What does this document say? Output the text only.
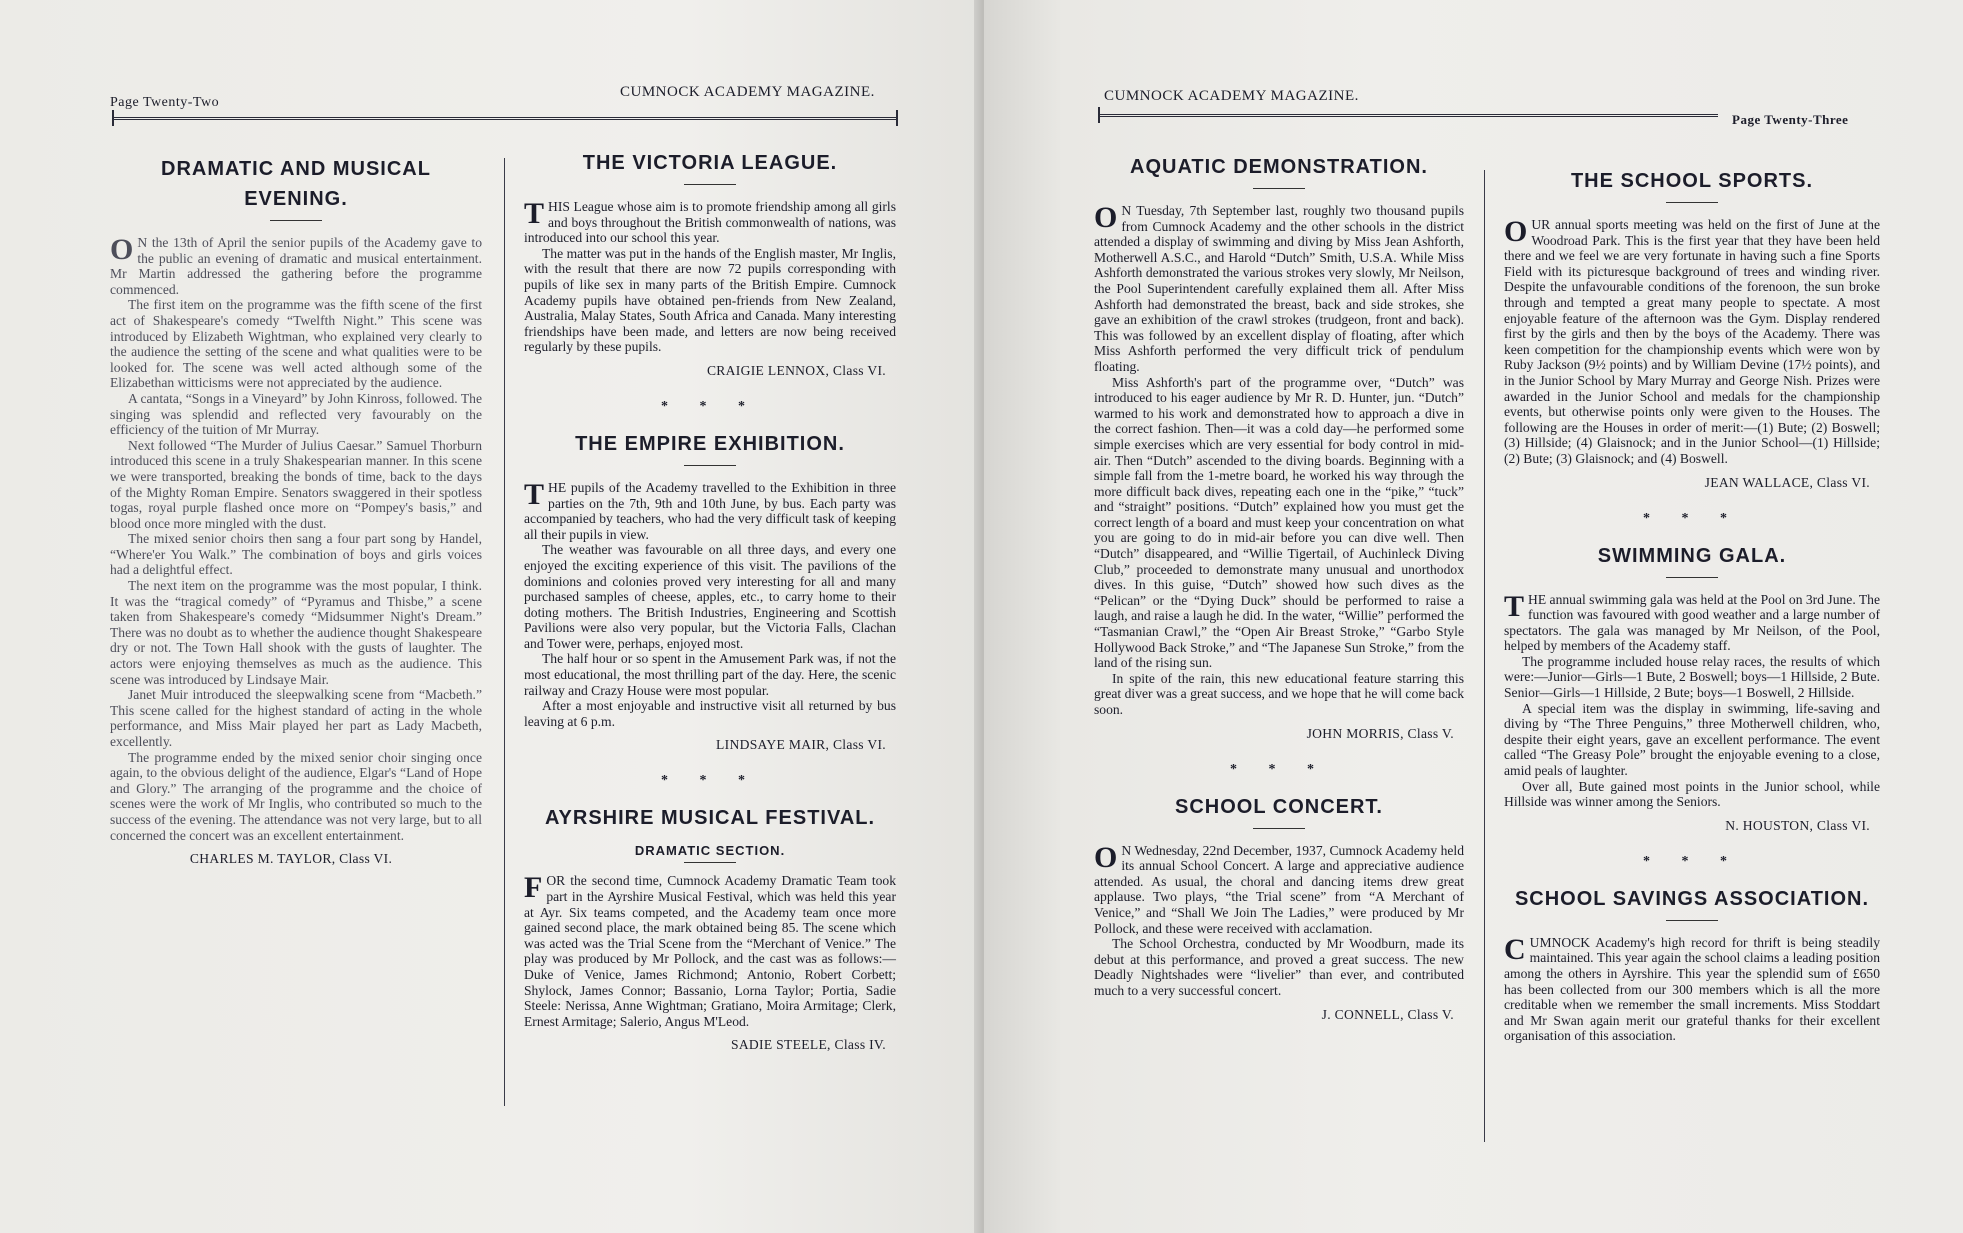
Page Twenty-Two
CUMNOCK ACADEMY MAGAZINE.
DRAMATIC AND MUSICAL EVENING.

O N the 13th of April the senior pupils of the Academy gave to the public an evening of dramatic and musical entertainment. Mr Martin addressed the gathering before the programme commenced.

The first item on the programme was the fifth scene of the first act of Shakespeare's comedy “Twelfth Night.” This scene was introduced by Elizabeth Wightman, who explained very clearly to the audience the setting of the scene and what qualities were to be looked for. The scene was well acted although some of the Elizabethan witticisms were not appreciated by the audience.

A cantata, “Songs in a Vineyard” by John Kinross, followed. The singing was splendid and reflected very favourably on the efficiency of the tuition of Mr Murray.

Next followed “The Murder of Julius Caesar.” Samuel Thorburn introduced this scene in a truly Shakespearian manner. In this scene we were transported, breaking the bonds of time, back to the days of the Mighty Roman Empire. Senators swaggered in their spotless togas, royal purple flashed once more on “Pompey's basis,” and blood once more mingled with the dust.

The mixed senior choirs then sang a four part song by Handel, “Where'er You Walk.” The combination of boys and girls voices had a delightful effect.

The next item on the programme was the most popular, I think. It was the “tragical comedy” of “Pyramus and Thisbe,” a scene taken from Shakespeare's comedy “Midsummer Night's Dream.” There was no doubt as to whether the audience thought Shakespeare dry or not. The Town Hall shook with the gusts of laughter. The actors were enjoying themselves as much as the audience. This scene was introduced by Lindsaye Mair.

Janet Muir introduced the sleepwalking scene from “Macbeth.” This scene called for the highest standard of acting in the whole performance, and Miss Mair played her part as Lady Macbeth, excellently.

The programme ended by the mixed senior choir singing once again, to the obvious delight of the audience, Elgar's “Land of Hope and Glory.” The arranging of the programme and the choice of scenes were the work of Mr Inglis, who contributed so much to the success of the evening. The attendance was not very large, but to all concerned the concert was an excellent entertainment.

CHARLES M. TAYLOR, Class VI.
THE VICTORIA LEAGUE.

THIS League whose aim is to promote friendship among all girls and boys throughout the British commonwealth of nations, was introduced into our school this year.

The matter was put in the hands of the English master, Mr Inglis, with the result that there are now 72 pupils corresponding with pupils of like sex in many parts of the British Empire. Cumnock Academy pupils have obtained pen-friends from New Zealand, Australia, Malay States, South Africa and Canada. Many interesting friendships have been made, and letters are now being received regularly by these pupils.

CRAIGIE LENNOX, Class VI.
* * *
THE EMPIRE EXHIBITION.

THE pupils of the Academy travelled to the Exhibition in three parties on the 7th, 9th and 10th June, by bus. Each party was accompanied by teachers, who had the very difficult task of keeping all their pupils in view.

The weather was favourable on all three days, and every one enjoyed the exciting experience of this visit. The pavilions of the dominions and colonies proved very interesting for all and many purchased samples of cheese, apples, etc., to carry home to their doting mothers. The British Industries, Engineering and Scottish Pavilions were also very popular, but the Victoria Falls, Clachan and Tower were, perhaps, enjoyed most.

The half hour or so spent in the Amusement Park was, if not the most educational, the most thrilling part of the day. Here, the scenic railway and Crazy House were most popular.

After a most enjoyable and instructive visit all returned by bus leaving at 6 p.m.

LINDSAYE MAIR, Class VI.
* * *
AYRSHIRE MUSICAL FESTIVAL.
DRAMATIC SECTION.

FOR the second time, Cumnock Academy Dramatic Team took part in the Ayrshire Musical Festival, which was held this year at Ayr. Six teams competed, and the Academy team once more gained second place, the mark obtained being 85. The scene which was acted was the Trial Scene from the “Merchant of Venice.” The play was produced by Mr Pollock, and the cast was as follows:—Duke of Venice, James Richmond; Antonio, Robert Corbett; Shylock, James Connor; Bassanio, Lorna Taylor; Portia, Sadie Steele: Nerissa, Anne Wightman; Gratiano, Moira Armitage; Clerk, Ernest Armitage; Salerio, Angus M'Leod.

SADIE STEELE, Class IV.
CUMNOCK ACADEMY MAGAZINE.
Page Twenty-Three
AQUATIC DEMONSTRATION.

O N Tuesday, 7th September last, roughly two thousand pupils from Cumnock Academy and the other schools in the district attended a display of swimming and diving by Miss Jean Ashforth, Motherwell A.S.C., and Harold “Dutch” Smith, U.S.A. While Miss Ashforth demonstrated the various strokes very slowly, Mr Neilson, the Pool Superintendent carefully explained them all. After Miss Ashforth had demonstrated the breast, back and side strokes, she gave an exhibition of the crawl strokes (trudgeon, front and back). This was followed by an excellent display of floating, after which Miss Ashforth performed the very difficult trick of pendulum floating.

Miss Ashforth's part of the programme over, “Dutch” was introduced to his eager audience by Mr R. D. Hunter, jun. “Dutch” warmed to his work and demonstrated how to approach a dive in the correct fashion. Then—it was a cold day—he performed some simple exercises which are very essential for body control in mid-air. Then “Dutch” ascended to the diving boards. Beginning with a simple fall from the 1-metre board, he worked his way through the more difficult back dives, repeating each one in the “pike,” “tuck” and “straight” positions. “Dutch” explained how you must get the correct length of a board and must keep your concentration on what you are going to do in mid-air before you can dive well. Then “Dutch” disappeared, and “Willie Tigertail, of Auchinleck Diving Club,” proceeded to demonstrate many unusual and unorthodox dives. In this guise, “Dutch” showed how such dives as the “Pelican” or the “Dying Duck” should be performed to raise a laugh, and raise a laugh he did. In the water, “Willie” performed the “Tasmanian Crawl,” the “Open Air Breast Stroke,” “Garbo Style Hollywood Back Stroke,” and “The Japanese Sun Stroke,” from the land of the rising sun.

In spite of the rain, this new educational feature starring this great diver was a great success, and we hope that he will come back soon.

JOHN MORRIS, Class V.
* * *
SCHOOL CONCERT.

O N Wednesday, 22nd December, 1937, Cumnock Academy held its annual School Concert. A large and appreciative audience attended. As usual, the choral and dancing items drew great applause. Two plays, “the Trial scene” from “A Merchant of Venice,” and “Shall We Join The Ladies,” were produced by Mr Pollock, and these were received with acclamation.

The School Orchestra, conducted by Mr Woodburn, made its debut at this performance, and proved a great success. The new Deadly Nightshades were “livelier” than ever, and contributed much to a very successful concert.

J. CONNELL, Class V.
THE SCHOOL SPORTS.

OUR annual sports meeting was held on the first of June at the Woodroad Park. This is the first year that they have been held there and we feel we are very fortunate in having such a fine Sports Field with its picturesque background of trees and winding river. Despite the unfavourable conditions of the forenoon, the sun broke through and tempted a great many people to spectate. A most enjoyable feature of the afternoon was the Gym. Display rendered first by the girls and then by the boys of the Academy. There was keen competition for the championship events which were won by Ruby Jackson (9½ points) and by William Devine (17½ points), and in the Junior School by Mary Murray and George Nish. Prizes were awarded in the Junior School and medals for the championship events, but otherwise points only were given to the Houses. The following are the Houses in order of merit:—(1) Bute; (2) Boswell; (3) Hillside; (4) Glaisnock; and in the Junior School—(1) Hillside; (2) Bute; (3) Glaisnock; and (4) Boswell.

JEAN WALLACE, Class VI.
* * *
SWIMMING GALA.

THE annual swimming gala was held at the Pool on 3rd June. The function was favoured with good weather and a large number of spectators. The gala was managed by Mr Neilson, of the Pool, helped by members of the Academy staff.

The programme included house relay races, the results of which were:—Junior—Girls—1 Bute, 2 Boswell; boys—1 Hillside, 2 Bute. Senior—Girls—1 Hillside, 2 Bute; boys—1 Boswell, 2 Hillside.

A special item was the display in swimming, life-saving and diving by “The Three Penguins,” three Motherwell children, who, despite their eight years, gave an excellent performance. The event called “The Greasy Pole” brought the enjoyable evening to a close, amid peals of laughter.

Over all, Bute gained most points in the Junior school, while Hillside was winner among the Seniors.

N. HOUSTON, Class VI.
* * *
SCHOOL SAVINGS ASSOCIATION.

CUMNOCK Academy's high record for thrift is being steadily maintained. This year again the school claims a leading position among the others in Ayrshire. This year the splendid sum of £650 has been collected from our 300 members which is all the more creditable when we remember the small increments. Miss Stoddart and Mr Swan again merit our grateful thanks for their excellent organisation of this association.
